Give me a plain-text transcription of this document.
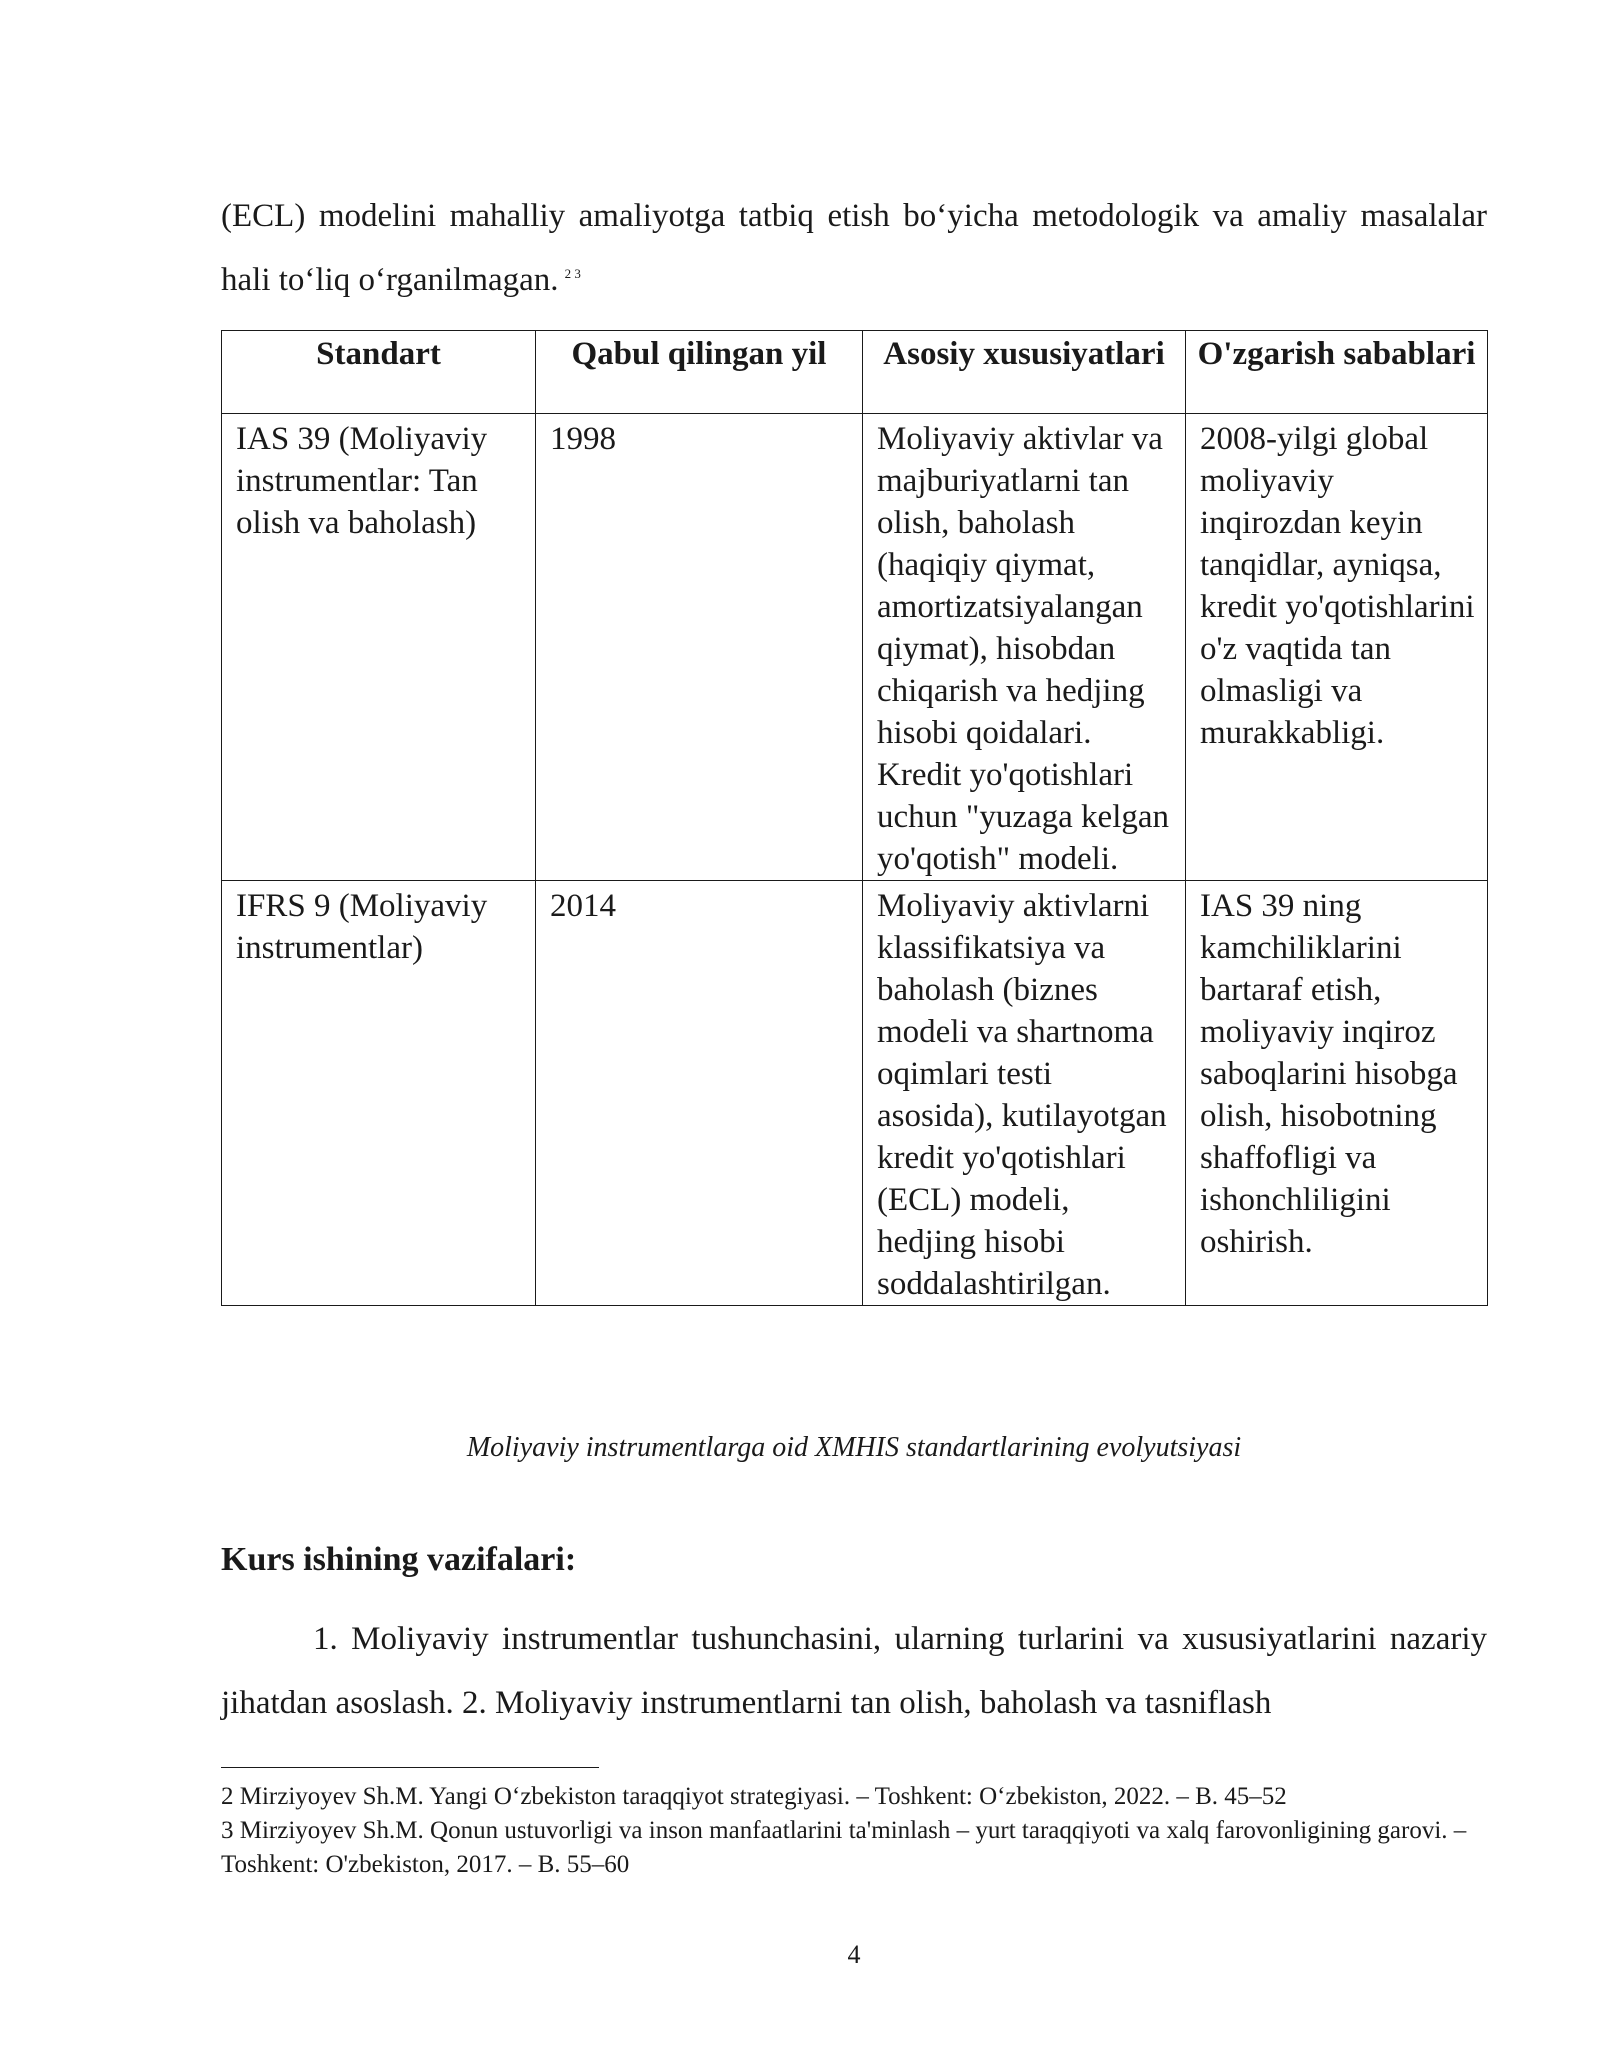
(ECL) modelini mahalliy amaliyotga tatbiq etish bo‘yicha metodologik va amaliy masalalar hali to‘liq o‘rganilmagan. $^{2 3}$

Standart	Qabul qilingan yil	Asosiy xususiyatlari	O'zgarish sabablari
IAS 39 (Moliyaviy instrumentlar: Tan olish va baholash)	1998	Moliyaviy aktivlar va majburiyatlarni tan olish, baholash (haqiqiy qiymat, amortizatsiyalangan qiymat), hisobdan chiqarish va hedjing hisobi qoidalari. Kredit yo'qotishlari uchun "yuzaga kelgan yo'qotish" modeli.	2008-yilgi global moliyaviy inqirozdan keyin tanqidlar, ayniqsa, kredit yo'qotishlarini o'z vaqtida tan olmasligi va murakkabligi.
IFRS 9 (Moliyaviy instrumentlar)	2014	Moliyaviy aktivlarni klassifikatsiya va baholash (biznes modeli va shartnoma oqimlari testi asosida), kutilayotgan kredit yo'qotishlari (ECL) modeli, hedjing hisobi soddalashtirilgan.	IAS 39 ning kamchiliklarini bartaraf etish, moliyaviy inqiroz saboqlarini hisobga olish, hisobotning shaffofligi va ishonchliligini oshirish.
Moliyaviy instrumentlarga oid XMHIS standartlarining evolyutsiyasi
Kurs ishining vazifalari:

1. Moliyaviy instrumentlar tushunchasini, ularning turlarini va xususiyatlarini nazariy jihatdan asoslash. 2. Moliyaviy instrumentlarni tan olish, baholash va tasniflash

2 Mirziyoyev Sh.M. Yangi O‘zbekiston taraqqiyot strategiyasi. – Toshkent: O‘zbekiston, 2022. – B. 45–52

3 Mirziyoyev Sh.M. Qonun ustuvorligi va inson manfaatlarini ta'minlash – yurt taraqqiyoti va xalq farovonligining garovi. – Toshkent: O'zbekiston, 2017. – B. 55–60

4
